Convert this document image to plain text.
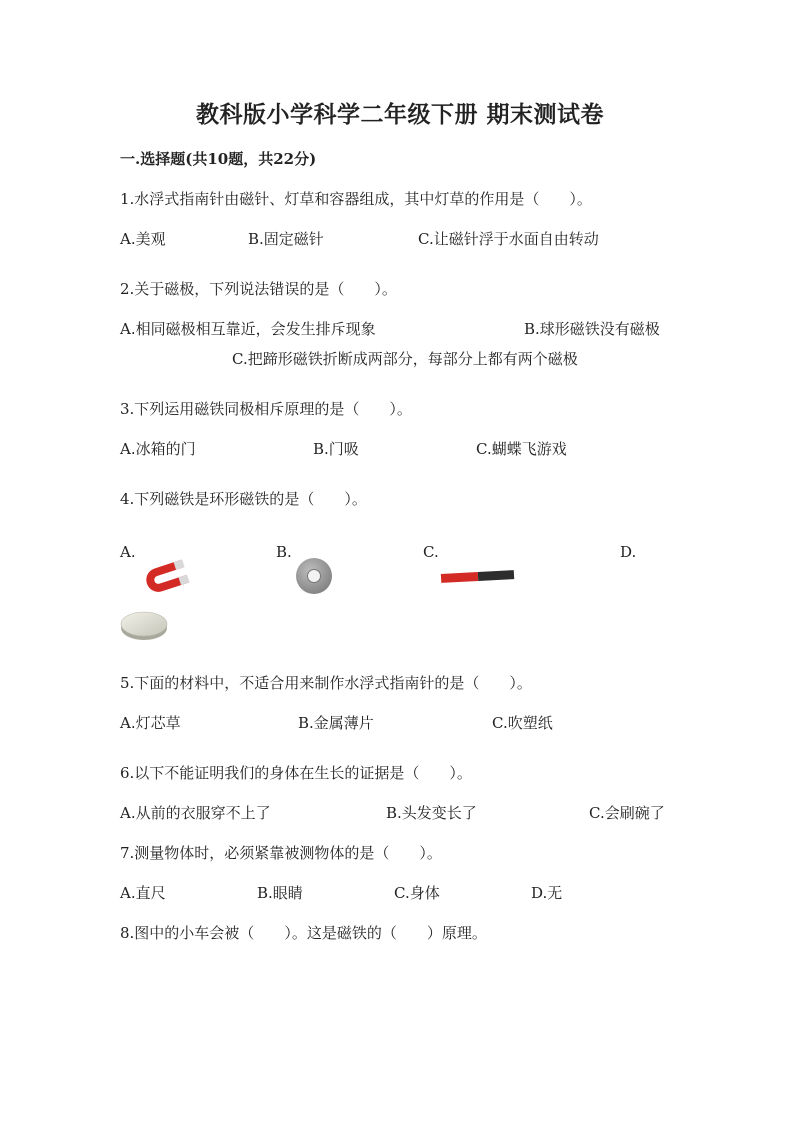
教科版小学科学二年级下册 期末测试卷
一.选择题(共10题，共22分)
1.水浮式指南针由磁针、灯草和容器组成，其中灯草的作用是（　　）。
A.美观	B.固定磁针	C.让磁针浮于水面自由转动
2.关于磁极，下列说法错误的是（　　）。
A.相同磁极相互靠近，会发生排斥现象	B.球形磁铁没有磁极
C.把蹄形磁铁折断成两部分，每部分上都有两个磁极
3.下列运用磁铁同极相斥原理的是（　　）。
A.冰箱的门	B.门吸	C.蝴蝶飞游戏
4.下列磁铁是环形磁铁的是（　　）。
A.	B.	C.	D.
5.下面的材料中，不适合用来制作水浮式指南针的是（　　）。
A.灯芯草	B.金属薄片	C.吹塑纸
6.以下不能证明我们的身体在生长的证据是（　　）。
A.从前的衣服穿不上了	B.头发变长了	C.会刷碗了
7.测量物体时，必须紧靠被测物体的是（　　）。
A.直尺	B.眼睛	C.身体	D.无
8.图中的小车会被（　　）。这是磁铁的（　　）原理。
